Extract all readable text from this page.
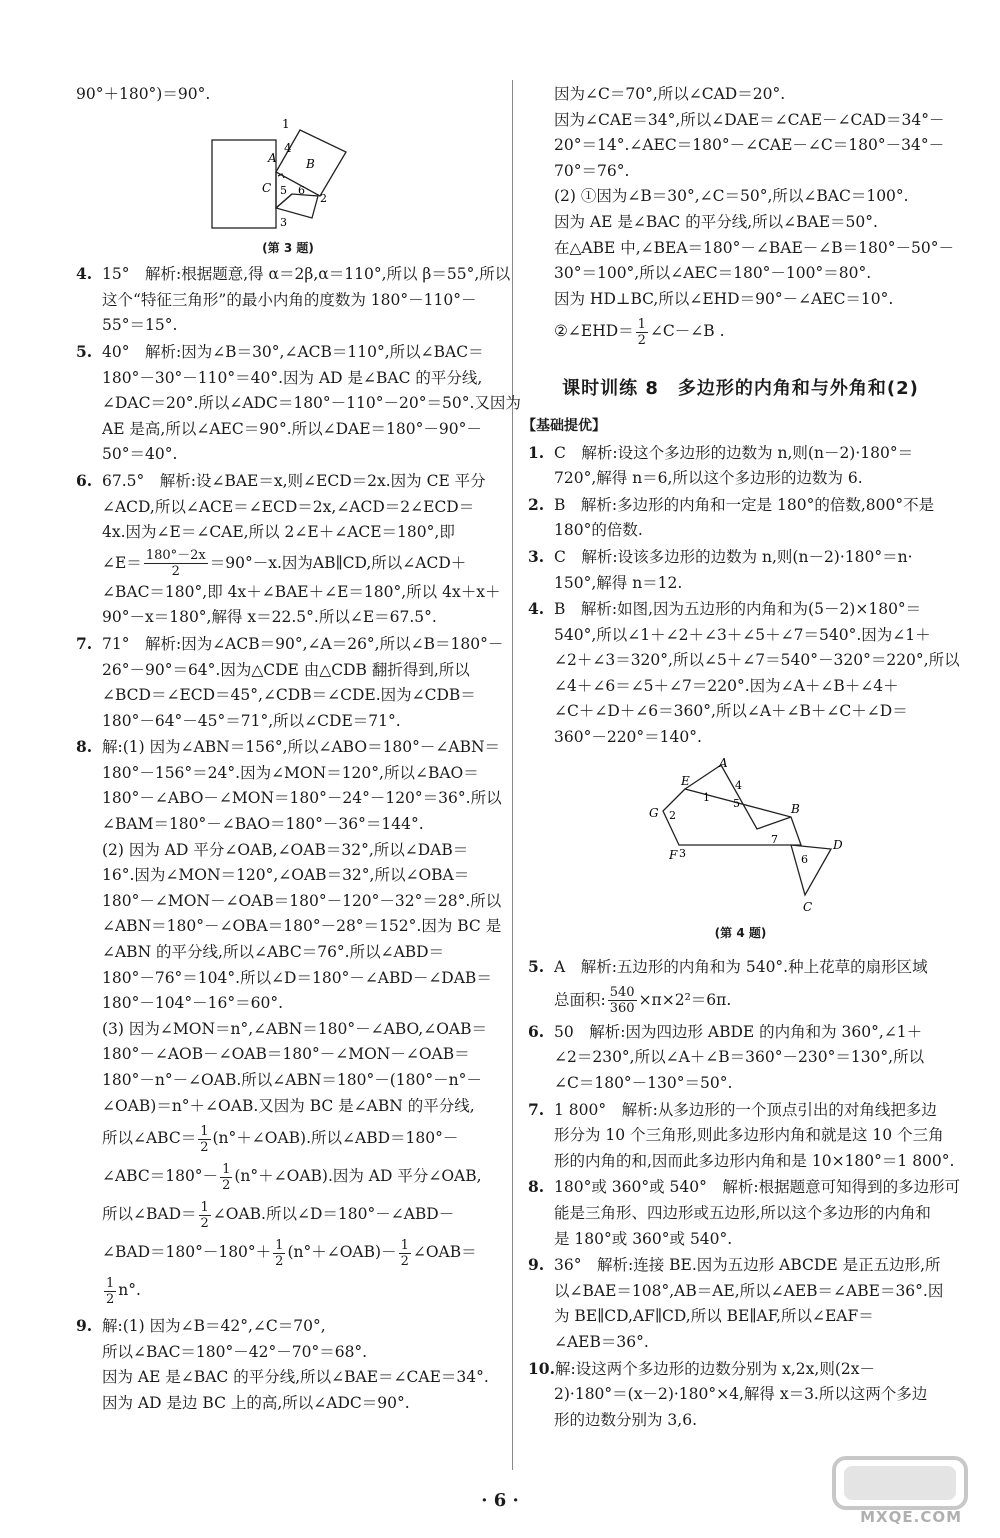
90°＋180°)＝90°.
1
4
A B
C 5 6
2
3
(第 3 题)
4. 15°　解析:根据题意,得 α＝2β,α＝110°,所以 β＝55°,所以
这个“特征三角形”的最小内角的度数为 180°－110°－
55°＝15°.
5. 40°　解析:因为∠B＝30°,∠ACB＝110°,所以∠BAC＝
180°－30°－110°＝40°.因为 AD 是∠BAC 的平分线,
∠DAC＝20°.所以∠ADC＝180°－110°－20°＝50°.又因为
AE 是高,所以∠AEC＝90°.所以∠DAE＝180°－90°－
50°＝40°.
6. 67.5°　解析:设∠BAE＝x,则∠ECD＝2x.因为 CE 平分
∠ACD,所以∠ACE＝∠ECD＝2x,∠ACD＝2∠ECD＝
4x.因为∠E＝∠CAE,所以 2∠E＋∠ACE＝180°,即
∠E＝ $\frac{180^\circ-2x}{2} =90^\circ-x$.因为AB∥CD,所以∠ACD＋
∠BAC＝180°,即 4x＋∠BAE＋∠E＝180°,所以 4x＋x＋
90°－x＝180°,解得 x＝22.5°.所以∠E＝67.5°.
7. 71°　解析:因为∠ACB＝90°,∠A＝26°,所以∠B＝180°－
26°－90°＝64°.因为△CDE 由△CDB 翻折得到,所以
∠BCD＝∠ECD＝45°,∠CDB＝∠CDE.因为∠CDB＝
180°－64°－45°＝71°,所以∠CDE＝71°.
8. 解:(1) 因为∠ABN＝156°,所以∠ABO＝180°－∠ABN＝
180°－156°＝24°.因为∠MON＝120°,所以∠BAO＝
180°－∠ABO－∠MON＝180°－24°－120°＝36°.所以
∠BAM＝180°－∠BAO＝180°－36°＝144°.
(2) 因为 AD 平分∠OAB,∠OAB＝32°,所以∠DAB＝
16°.因为∠MON＝120°,∠OAB＝32°,所以∠OBA＝
180°－∠MON－∠OAB＝180°－120°－32°＝28°.所以
∠ABN＝180°－∠OBA＝180°－28°＝152°.因为 BC 是
∠ABN 的平分线,所以∠ABC＝76°.所以∠ABD＝
180°－76°＝104°.所以∠D＝180°－∠ABD－∠DAB＝
180°－104°－16°＝60°.
(3) 因为∠MON＝n°,∠ABN＝180°－∠ABO,∠OAB＝
180°－∠AOB－∠OAB＝180°－∠MON－∠OAB＝
180°－n°－∠OAB.所以∠ABN＝180°－(180°－n°－
∠OAB)＝n°＋∠OAB.又因为 BC 是∠ABN 的平分线,
所以∠ABC＝ $\frac{1}{2}$ (n°＋∠OAB).所以∠ABD＝180°－
∠ABC＝180°－ $\frac{1}{2}$ (n°＋∠OAB).因为 AD 平分∠OAB,
所以∠BAD＝ $\frac{1}{2}$ ∠OAB.所以∠D＝180°－∠ABD－
∠BAD＝180°－180°＋ $\frac{1}{2}$ (n°＋∠OAB)－ $\frac{1}{2}$ ∠OAB＝
$\frac{1}{2} n^\circ$.
9. 解:(1) 因为∠B＝42°,∠C＝70°,
所以∠BAC＝180°－42°－70°＝68°.
因为 AE 是∠BAC 的平分线,所以∠BAE＝∠CAE＝34°.
因为 AD 是边 BC 上的高,所以∠ADC＝90°.
因为∠C＝70°,所以∠CAD＝20°.
因为∠CAE＝34°,所以∠DAE＝∠CAE－∠CAD＝34°－
20°＝14°.∠AEC＝180°－∠CAE－∠C＝180°－34°－
70°＝76°.
(2) ①因为∠B＝30°,∠C＝50°,所以∠BAC＝100°.
因为 AE 是∠BAC 的平分线,所以∠BAE＝50°.
在△ABE 中,∠BEA＝180°－∠BAE－∠B＝180°－50°－
30°＝100°,所以∠AEC＝180°－100°＝80°.
因为 HD⊥BC,所以∠EHD＝90°－∠AEC＝10°.
②∠EHD＝ $\frac{1}{2}$ ∠C－∠B .
课时训练 8　多边形的内角和与外角和(2)
【基础提优】
1. C　解析:设这个多边形的边数为 n,则(n－2)·180°＝
720°,解得 n＝6,所以这个多边形的边数为 6.
2. B　解析:多边形的内角和一定是 180°的倍数,800°不是
180°的倍数.
3. C　解析:设该多边形的边数为 n,则(n－2)·180°＝n·
150°,解得 n＝12.
4. B　解析:如图,因为五边形的内角和为(5－2)×180°＝
540°,所以∠1＋∠2＋∠3＋∠5＋∠7＝540°.因为∠1＋
∠2＋∠3＝320°,所以∠5＋∠7＝540°－320°＝220°,所以
∠4＋∠6＝∠5＋∠7＝220°.因为∠A＋∠B＋∠4＋
∠C＋∠D＋∠6＝360°,所以∠A＋∠B＋∠C＋∠D＝
360°－220°＝140°.
A
E	4
1 5	B
G 2
7	D
3	6
F
C
(第 4 题)
5. A　解析:五边形的内角和为 540°.种上花草的扇形区域
总面积: $\frac{540}{360} \times\pi\times 2^2=6\pi$.
6. 50　解析:因为四边形 ABDE 的内角和为 360°,∠1＋
∠2＝230°,所以∠A＋∠B＝360°－230°＝130°,所以
∠C＝180°－130°＝50°.
7. 1 800°　解析:从多边形的一个顶点引出的对角线把多边
形分为 10 个三角形,则此多边形内角和就是这 10 个三角
形的内角的和,因而此多边形内角和是 10×180°＝1 800°.
8. 180°或 360°或 540°　解析:根据题意可知得到的多边形可
能是三角形、四边形或五边形,所以这个多边形的内角和
是 180°或 360°或 540°.
9. 36°　解析:连接 BE.因为五边形 ABCDE 是正五边形,所
以∠BAE＝108°,AB＝AE,所以∠AEB＝∠ABE＝36°.因
为 BE∥CD,AF∥CD,所以 BE∥AF,所以∠EAF＝
∠AEB＝36°.
10.解:设这两个多边形的边数分别为 x,2x,则(2x－
2)·180°＝(x－2)·180°×4,解得 x＝3.所以这两个多边
形的边数分别为 3,6.
· 6 ·
MXQE.COM
